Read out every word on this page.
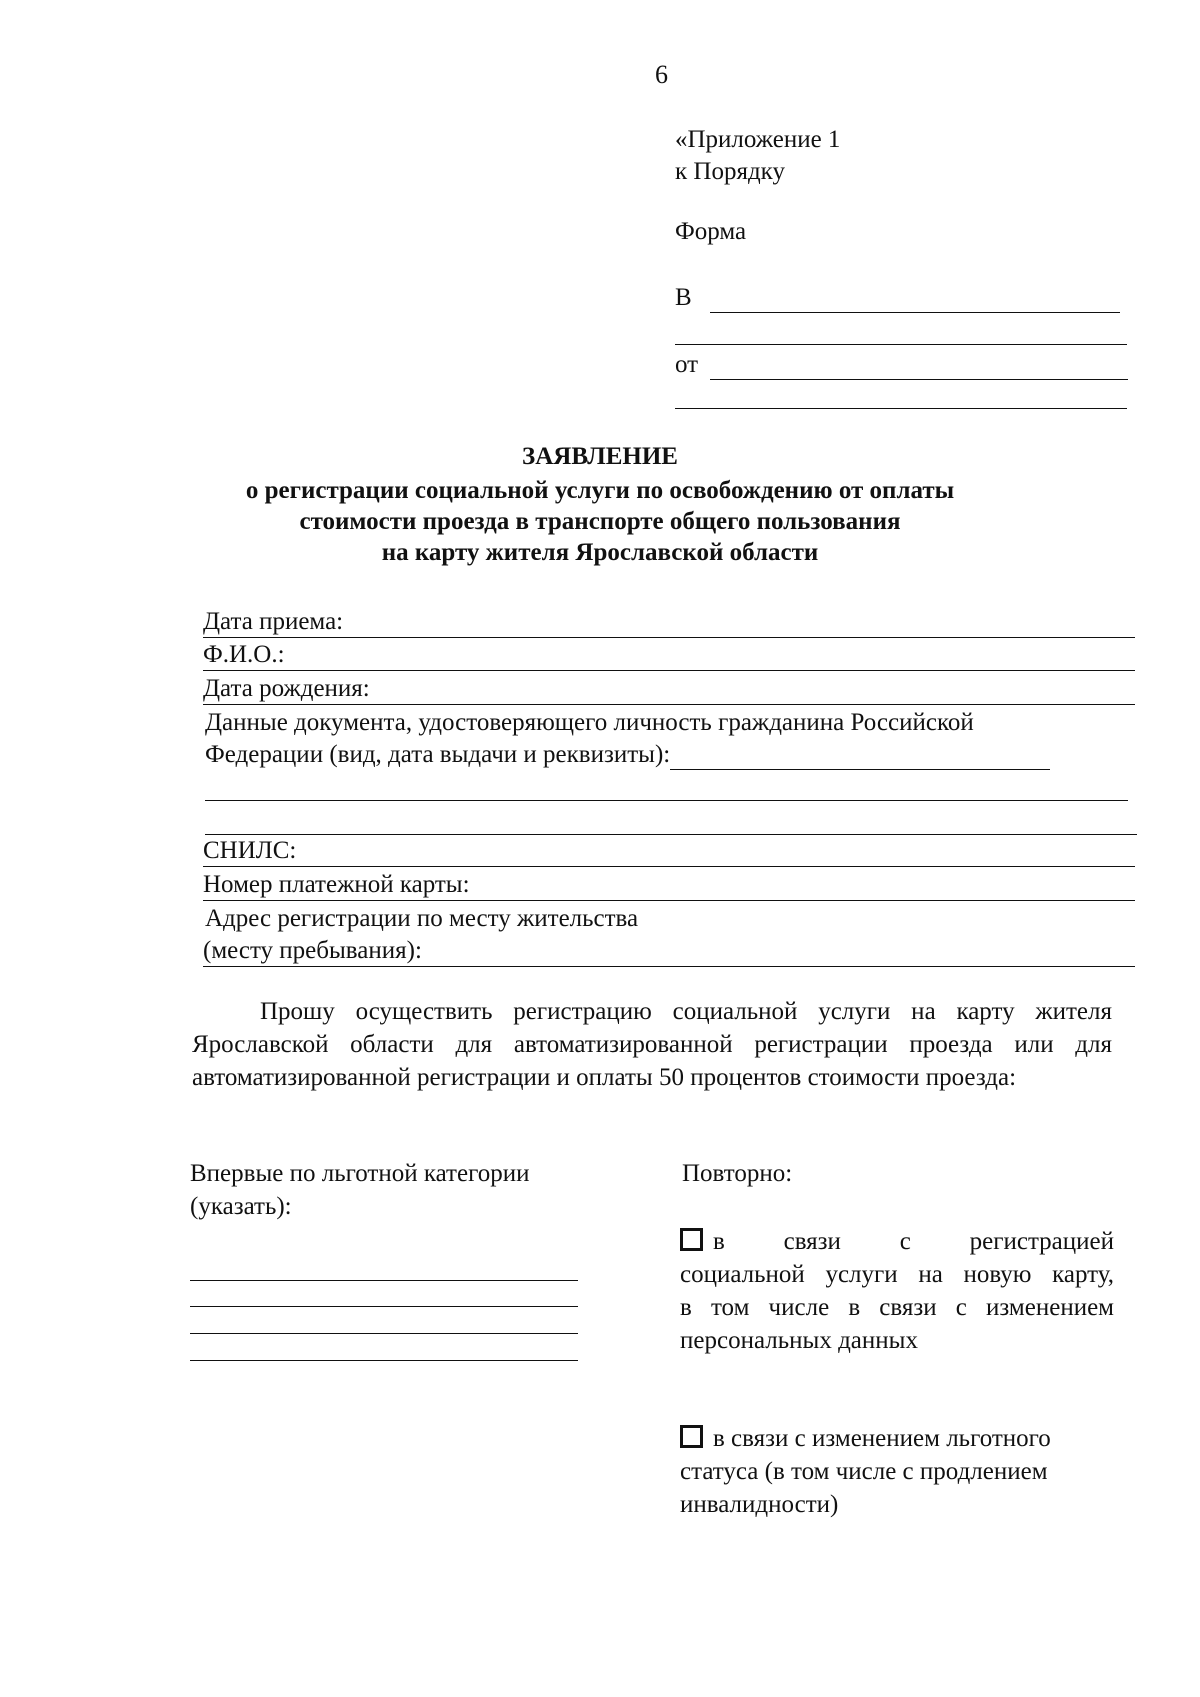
6
«Приложение 1
к Порядку
Форма
В
от
ЗАЯВЛЕНИЕ
о регистрации социальной услуги по освобождению от оплаты
стоимости проезда в транспорте общего пользования
на карту жителя Ярославской области
Дата приема:
Ф.И.О.:
Дата рождения:
Данные документа, удостоверяющего личность гражданина Российской
Федерации (вид, дата выдачи и реквизиты):
СНИЛС:
Номер платежной карты:
Адрес регистрации по месту жительства
(месту пребывания):
Прошу осуществить регистрацию социальной услуги на карту жителя Ярославской области для автоматизированной регистрации проезда или для автоматизированной регистрации и оплаты 50 процентов стоимости проезда:
Впервые по льготной категории
(указать):
Повторно:
в связи с регистрацией
социальной услуги на новую карту,
в том числе в связи с изменением
персональных данных
в связи с изменением льготного
статуса (в том числе с продлением
инвалидности)
